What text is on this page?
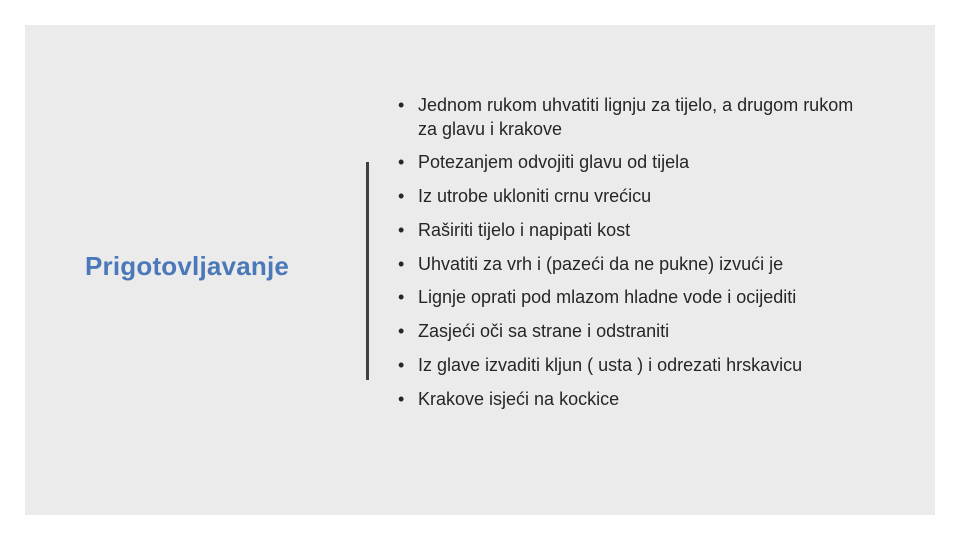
Prigotovljavanje
• Jednom rukom uhvatiti lignju za tijelo, a drugom rukom za glavu i krakove
• Potezanjem odvojiti glavu od tijela
• Iz utrobe ukloniti crnu vrećicu
• Raširiti tijelo i napipati kost
• Uhvatiti za vrh i (pazeći da ne pukne) izvući je
• Lignje oprati pod mlazom hladne vode i ocijediti
• Zasjeći oči sa strane i odstraniti
• Iz glave izvaditi kljun ( usta ) i odrezati hrskavicu
• Krakove isjeći na kockice
